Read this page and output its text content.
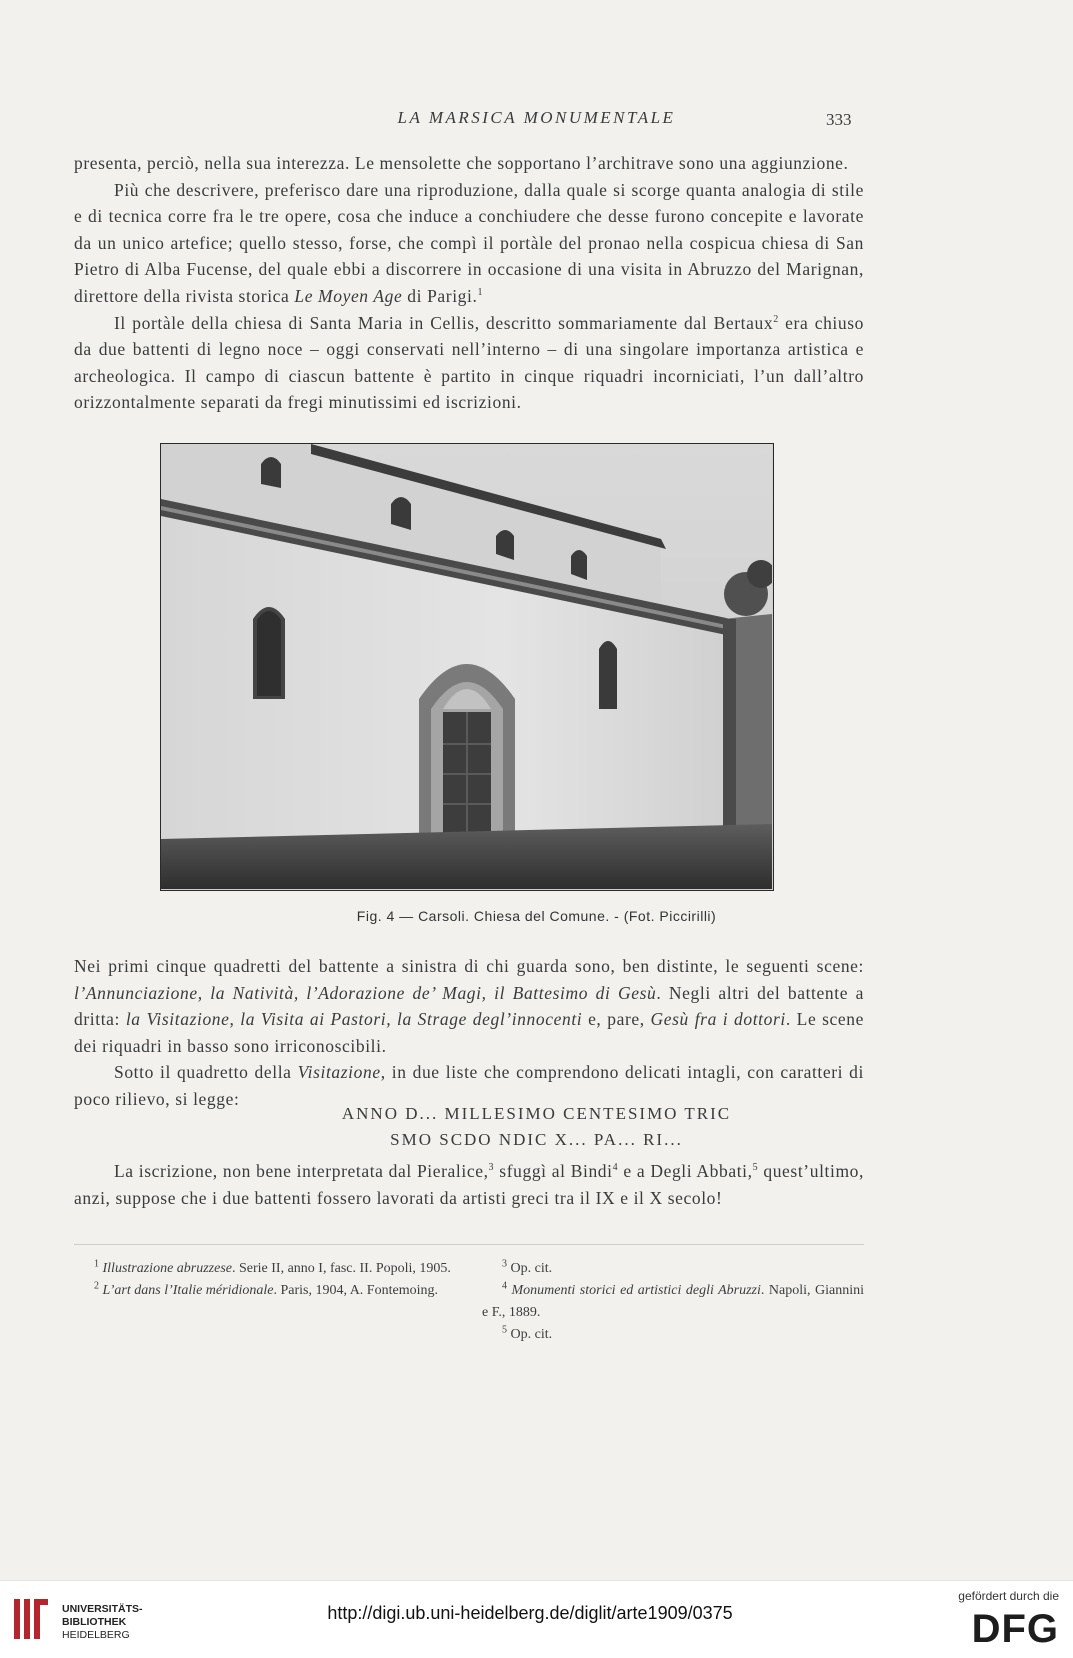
LA MARSICA MONUMENTALE	333

presenta, perciò, nella sua interezza. Le mensolette che sopportano l’architrave sono una aggiunzione.

Più che descrivere, preferisco dare una riproduzione, dalla quale si scorge quanta analogia di stile e di tecnica corre fra le tre opere, cosa che induce a conchiudere che desse furono concepite e lavorate da un unico artefice; quello stesso, forse, che compì il portàle del pronao nella cospicua chiesa di San Pietro di Alba Fucense, del quale ebbi a discorrere in occasione di una visita in Abruzzo del Marignan, direttore della rivista storica Le Moyen Age di Parigi.$^1$

Il portàle della chiesa di Santa Maria in Cellis, descritto sommariamente dal Bertaux$^2$ era chiuso da due battenti di legno noce – oggi conservati nell’interno – di una singolare importanza artistica e archeologica. Il campo di ciascun battente è partito in cinque riquadri incorniciati, l’un dall’altro orizzontalmente separati da fregi minutissimi ed iscrizioni.

Fig. 4 — Carsoli. Chiesa del Comune. - (Fot. Piccirilli)

Nei primi cinque quadretti del battente a sinistra di chi guarda sono, ben distinte, le seguenti scene: l’Annunciazione, la Natività, l’Adorazione de’ Magi, il Battesimo di Gesù. Negli altri del battente a dritta: la Visitazione, la Visita ai Pastori, la Strage degl’innocenti e, pare, Gesù fra i dottori. Le scene dei riquadri in basso sono irriconoscibili.

Sotto il quadretto della Visitazione, in due liste che comprendono delicati intagli, con caratteri di poco rilievo, si legge:

ANNO D... MILLESIMO CENTESIMO TRIC
SMO SCDO NDIC X... PA... RI...

La iscrizione, non bene interpretata dal Pieralice,$^3$ sfuggì al Bindi$^4$ e a Degli Abbati,$^5$ quest’ultimo, anzi, suppose che i due battenti fossero lavorati da artisti greci tra il IX e il X secolo!

$^1$ Illustrazione abruzzese. Serie II, anno I, fasc. II. Popoli, 1905.

$^2$ L’art dans l’Italie méridionale. Paris, 1904, A. Fontemoing.

$^3$ Op. cit.

$^4$ Monumenti storici ed artistici degli Abruzzi. Napoli, Giannini e F., 1889.

$^5$ Op. cit.

UNIVERSITÄTS-
BIBLIOTHEK
HEIDELBERG
http://digi.ub.uni-heidelberg.de/diglit/arte1909/0375
gefördert durch die
DFG
